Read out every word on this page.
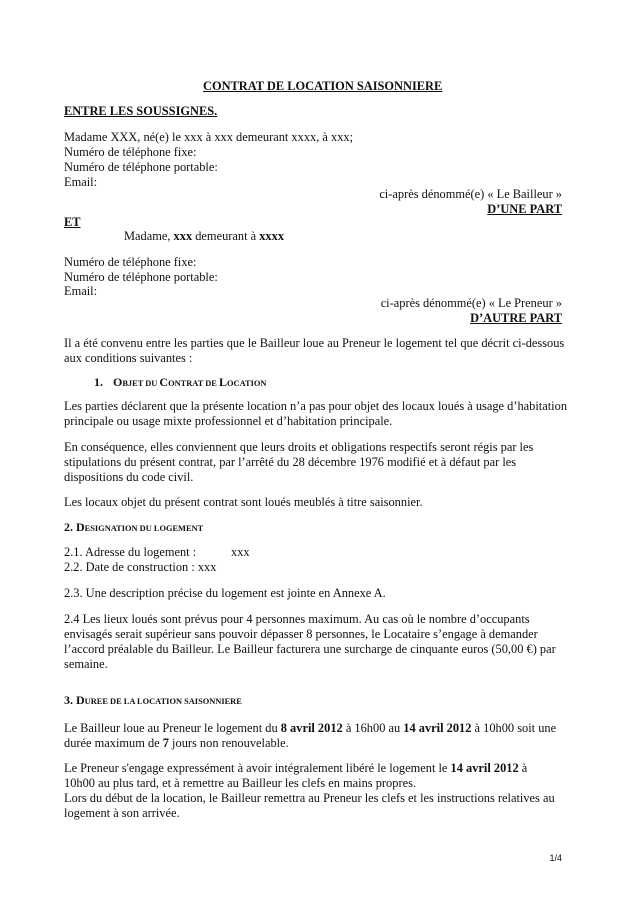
CONTRAT DE LOCATION SAISONNIERE
ENTRE LES SOUSSIGNES.
Madame XXX, né(e) le xxx à xxx demeurant xxxx, à xxx;
Numéro de téléphone fixe:
Numéro de téléphone portable:
Email:
ci-après dénommé(e) « Le Bailleur »
D’UNE PART
ET
Madame, xxx demeurant à xxxx
Numéro de téléphone fixe:
Numéro de téléphone portable:
Email:
ci-après dénommé(e) « Le Preneur »
D’AUTRE PART
Il a été convenu entre les parties que le Bailleur loue au Preneur le logement tel que décrit ci-dessous
aux conditions suivantes :
1. OBJET DU CONTRAT DE LOCATION
Les parties déclarent que la présente location n’a pas pour objet des locaux loués à usage d’habitation
principale ou usage mixte professionnel et d’habitation principale.
En conséquence, elles conviennent que leurs droits et obligations respectifs seront régis par les
stipulations du présent contrat, par l’arrêté du 28 décembre 1976 modifié et à défaut par les
dispositions du code civil.
Les locaux objet du présent contrat sont loués meublés à titre saisonnier.
2. DESIGNATION DU LOGEMENT
2.1. Adresse du logement :	xxx
2.2. Date de construction : xxx
2.3. Une description précise du logement est jointe en Annexe A.
2.4 Les lieux loués sont prévus pour 4 personnes maximum. Au cas où le nombre d’occupants
envisagés serait supérieur sans pouvoir dépasser 8 personnes, le Locataire s’engage à demander
l’accord préalable du Bailleur. Le Bailleur facturera une surcharge de cinquante euros (50,00 €) par
semaine.
3. DUREE DE LA LOCATION SAISONNIERE
Le Bailleur loue au Preneur le logement du 8 avril 2012 à 16h00 au 14 avril 2012 à 10h00 soit une
durée maximum de 7 jours non renouvelable.
Le Preneur s'engage expressément à avoir intégralement libéré le logement le 14 avril 2012 à
10h00 au plus tard, et à remettre au Bailleur les clefs en mains propres.
Lors du début de la location, le Bailleur remettra au Preneur les clefs et les instructions relatives au
logement à son arrivée.
1/4
